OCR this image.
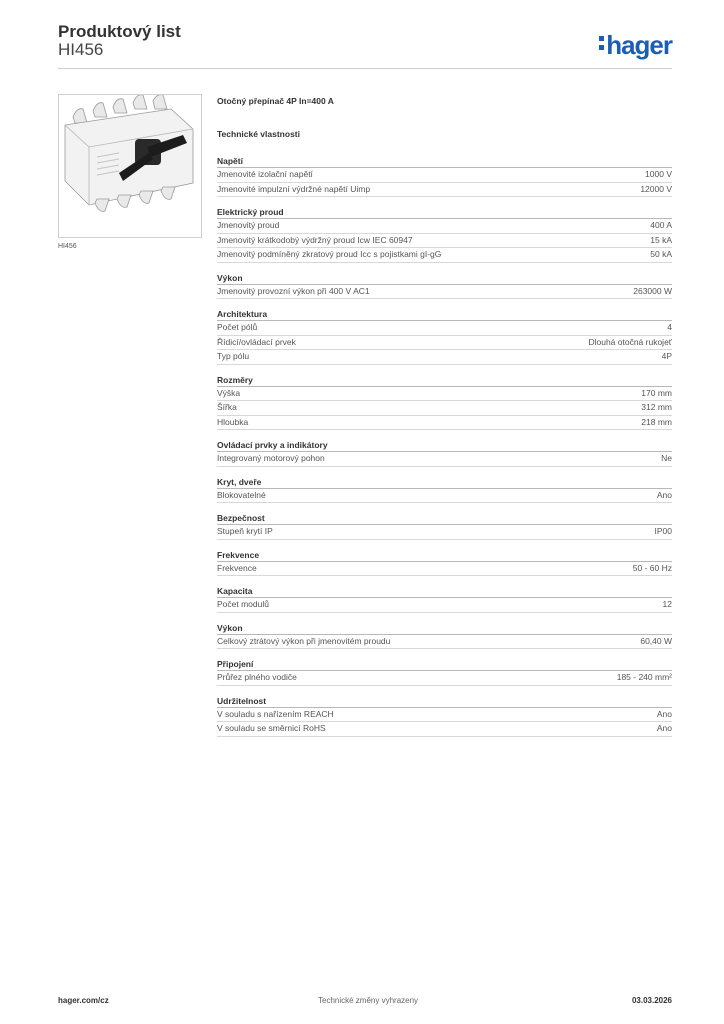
Produktový list
HI456	hager
HI456
Otočný přepínač 4P In=400 A
Technické vlastnosti
Napětí
Jmenovité izolační napětí	1000 V
Jmenovité impulzní výdržné napětí Uimp	12000 V
Elektrický proud
Jmenovitý proud	400 A
Jmenovitý krátkodobý výdržný proud Icw IEC 60947	15 kA
Jmenovitý podmíněný zkratový proud Icc s pojistkami gI-gG	50 kA
Výkon
Jmenovitý provozní výkon při 400 V AC1	263000 W
Architektura
Počet pólů	4
Řídicí/ovládací prvek	Dlouhá otočná rukojeť
Typ pólu	4P
Rozměry
Výška	170 mm
Šířka	312 mm
Hloubka	218 mm
Ovládací prvky a indikátory
Integrovaný motorový pohon	Ne
Kryt, dveře
Blokovatelné	Ano
Bezpečnost
Stupeň krytí IP	IP00
Frekvence
Frekvence	50 - 60 Hz
Kapacita
Počet modulů	12
Výkon
Celkový ztrátový výkon při jmenovitém proudu	60,40 W
Připojení
Průřez plného vodiče	185 - 240 mm²
Udržitelnost
V souladu s nařízením REACH	Ano
V souladu se směrnicí RoHS	Ano
hager.com/cz	Technické změny vyhrazeny	03.03.2026
